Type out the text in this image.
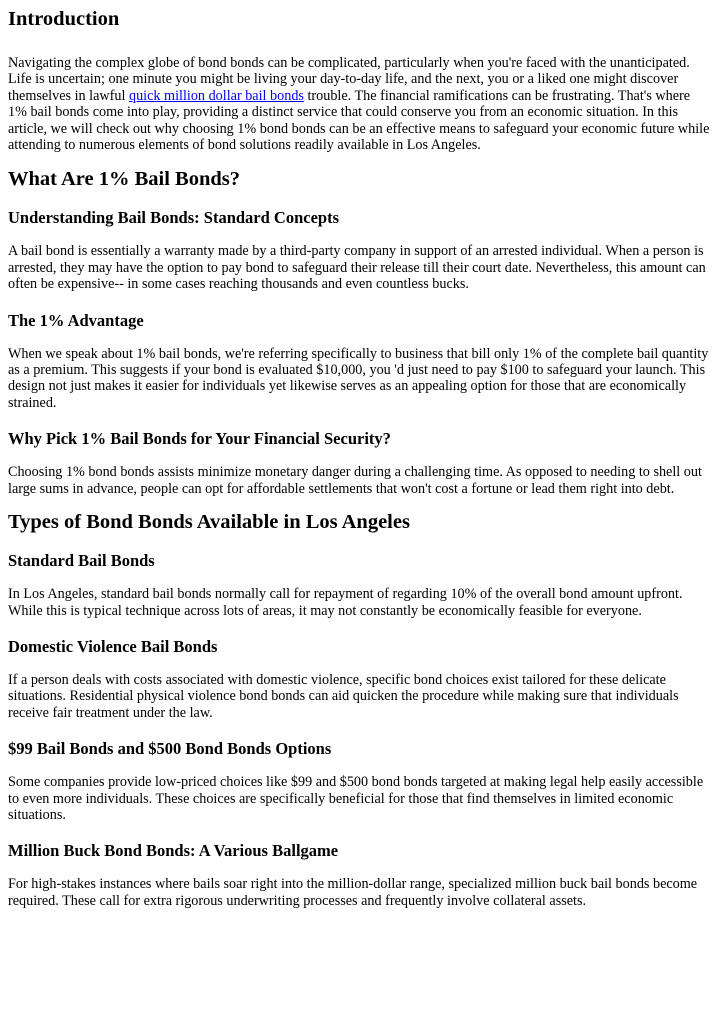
Introduction

Navigating the complex globe of bond bonds can be complicated, particularly when you're faced with the unanticipated. Life is uncertain; one minute you might be living your day-to-day life, and the next, you or a liked one might discover themselves in lawful quick million dollar bail bonds trouble. The financial ramifications can be frustrating. That's where 1% bail bonds come into play, providing a distinct service that could conserve you from an economic situation. In this article, we will check out why choosing 1% bond bonds can be an effective means to safeguard your economic future while attending to numerous elements of bond solutions readily available in Los Angeles.

What Are 1% Bail Bonds?
Understanding Bail Bonds: Standard Concepts

A bail bond is essentially a warranty made by a third-party company in support of an arrested individual. When a person is arrested, they may have the option to pay bond to safeguard their release till their court date. Nevertheless, this amount can often be expensive-- in some cases reaching thousands and even countless bucks.

The 1% Advantage

When we speak about 1% bail bonds, we're referring specifically to business that bill only 1% of the complete bail quantity as a premium. This suggests if your bond is evaluated $10,000, you 'd just need to pay $100 to safeguard your launch. This design not just makes it easier for individuals yet likewise serves as an appealing option for those that are economically strained.

Why Pick 1% Bail Bonds for Your Financial Security?

Choosing 1% bond bonds assists minimize monetary danger during a challenging time. As opposed to needing to shell out large sums in advance, people can opt for affordable settlements that won't cost a fortune or lead them right into debt.

Types of Bond Bonds Available in Los Angeles
Standard Bail Bonds

In Los Angeles, standard bail bonds normally call for repayment of regarding 10% of the overall bond amount upfront. While this is typical technique across lots of areas, it may not constantly be economically feasible for everyone.

Domestic Violence Bail Bonds

If a person deals with costs associated with domestic violence, specific bond choices exist tailored for these delicate situations. Residential physical violence bond bonds can aid quicken the procedure while making sure that individuals receive fair treatment under the law.

$99 Bail Bonds and $500 Bond Bonds Options

Some companies provide low-priced choices like $99 and $500 bond bonds targeted at making legal help easily accessible to even more individuals. These choices are specifically beneficial for those that find themselves in limited economic situations.

Million Buck Bond Bonds: A Various Ballgame

For high-stakes instances where bails soar right into the million-dollar range, specialized million buck bail bonds become required. These call for extra rigorous underwriting processes and frequently involve collateral assets.
